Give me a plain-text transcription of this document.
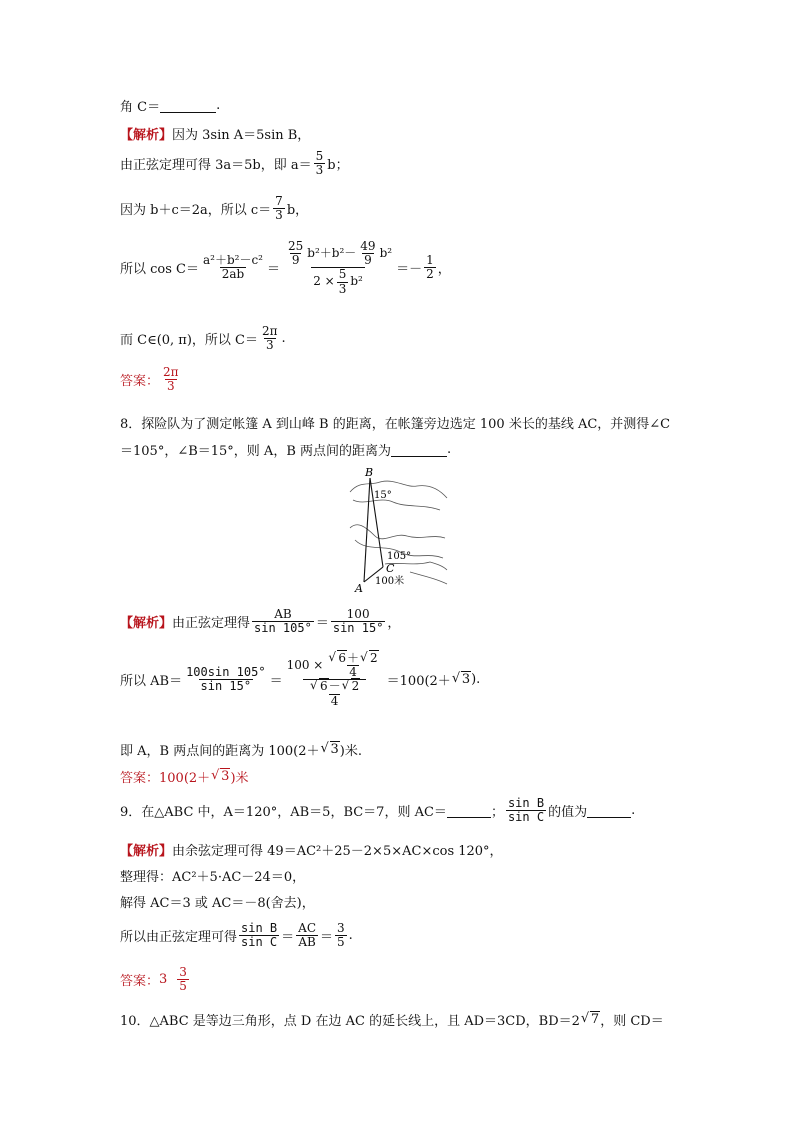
角 C＝	.
【解析】 因为 3sin A＝5sin B，
由正弦定理可得 3a＝5b，即 $a= \frac{5}{3}$ b；
因为 b＋c＝2a，所以 $c= \frac{7}{3}$ b，
所以 $\cos C= \frac{\text{a²＋b²－c²}}{2ab} = \frac{\frac{25}{9} b^2+b^2- \frac{49}{9} b^2}{2 \times \frac{5}{3} b^2} =- \frac{1}{2}$ ，
而 C∈(0, π)，所以 $C= \frac{2\pi}{3}$ .
答案： $\frac{2\pi}{3}$
8．探险队为了测定帐篷 A 到山峰 B 的距离，在帐篷旁边选定 100 米长的基线 AC，并测得∠C
＝105°，∠B＝15°，则 A，B 两点间的距离为	.
B
15°
105°
C
100米
A
【解析】 由正弦定理得 $\frac{AB}{\sin 105^\circ} = \frac{100}{\sin 15^\circ}$ ，
所以 $AB= \frac{100\sin 105^\circ}{\sin 15^\circ} = 100$ × √ $\frac{6+ √ 2}{4}$
√ $\frac{6- √ 2}{4} =100(2+$ √ 3 ).
即 A，B 两点间的距离为 100(2＋ √ 3 )米.
答案： 100(2＋ √ 3 )米
9．在△ABC 中，A＝120°，AB＝5，BC＝7，则 AC＝	； $\frac{\text{sin B}}{\text{sin C}}$ 的值为	.
【解析】 由余弦定理可得 49＝AC²＋25－2×5×AC×cos 120°，
整理得：AC²＋5·AC－24＝0，
解得 AC＝3 或 AC＝－8(舍去)，
所以由正弦定理可得 $\frac{\text{sin B}}{\text{sin C}} = \frac{AC}{AB} = \frac{3}{5}$ .
答案： $3 \frac{3}{5}$
10．△ABC 是等边三角形，点 D 在边 AC 的延长线上，且 AD＝3CD，BD＝2 √ 7 ，则 CD＝
